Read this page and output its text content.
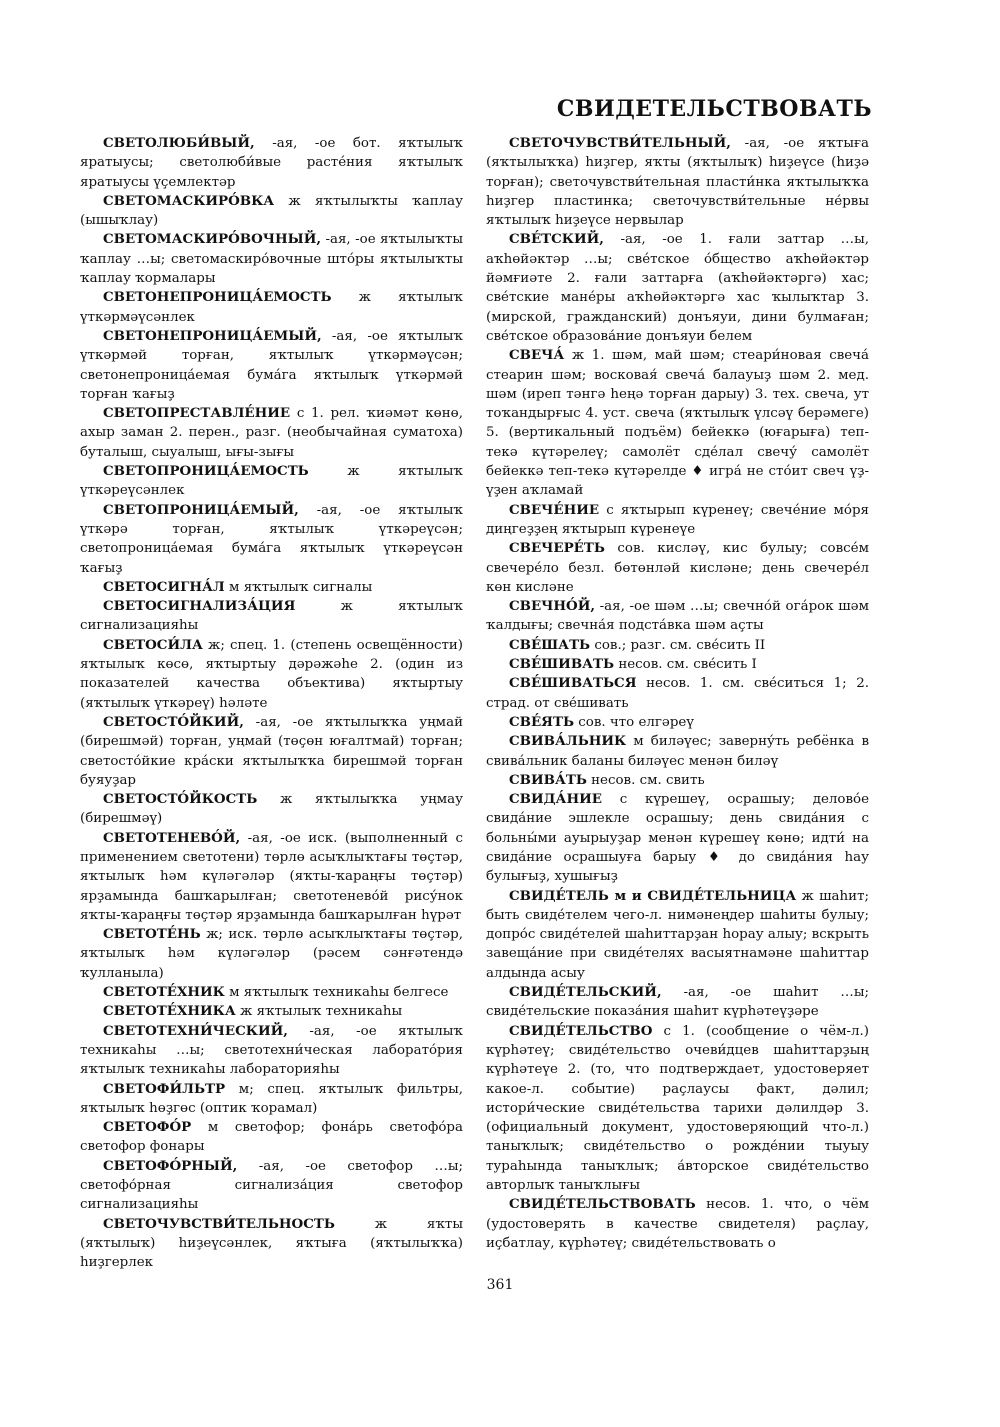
СВИДЕТЕЛЬСТВОВАТЬ

СВЕТОЛЮБИ́ВЫЙ, -ая, -ое бот. яҡтылыҡ яратыусы; светолюби́вые расте́ния яҡтылыҡ яратыусы үҫемлектәр

СВЕТОМАСКИРО́ВКА ж яҡтылыҡты ҡаплау (ышыҡлау)

СВЕТОМАСКИРО́ВОЧНЫЙ, -ая, -ое яҡтылыҡты ҡаплау …ы; светомаскиро́вочные што́ры яҡтылыҡты ҡаплау ҡормалары

СВЕТОНЕПРОНИЦА́ЕМОСТЬ ж яҡтылыҡ үткәрмәүсәнлек

СВЕТОНЕПРОНИЦА́ЕМЫЙ, -ая, -ое яҡтылыҡ үткәрмәй торған, яҡтылыҡ үткәрмәүсән; светонепроница́емая бума́га яҡтылыҡ үткәрмәй торған ҡағыҙ

СВЕТОПРЕСТАВЛЕ́НИЕ с 1. рел. ҡиәмәт көнө, ахыр заман 2. перен., разг. (необычайная суматоха) буталыш, сыуалыш, ығы-зығы

СВЕТОПРОНИЦА́ЕМОСТЬ ж яҡтылыҡ үткәреүсәнлек

СВЕТОПРОНИЦА́ЕМЫЙ, -ая, -ое яҡтылыҡ үткәрә торған, яҡтылыҡ үткәреүсән; светопроница́емая бума́га яҡтылыҡ үткәреүсән ҡағыҙ

СВЕТОСИГНА́Л м яҡтылыҡ сигналы

СВЕТОСИГНАЛИЗА́ЦИЯ ж яҡтылыҡ сигнализацияһы

СВЕТОСИ́ЛА ж; спец. 1. (степень освещённости) яҡтылыҡ көсө, яҡтыртыу дәрәжәһе 2. (один из показателей качества объектива) яҡтыртыу (яҡтылыҡ үткәреү) һәләте

СВЕТОСТО́ЙКИЙ, -ая, -ое яҡтылыҡҡа уңмай (бирешмәй) торған, уңмай (төҫөн юғалтмай) торған; светосто́йкие кра́ски яҡтылыҡҡа бирешмәй торған буяуҙар

СВЕТОСТО́ЙКОСТЬ ж яҡтылыҡҡа уңмау (бирешмәү)

СВЕТОТЕНЕВО́Й, -ая, -ое иск. (выполненный с применением светотени) төрлө асыҡлыҡтағы төҫтәр, яҡтылыҡ һәм күләгәләр (яҡты-ҡараңғы төҫтәр) ярҙамында башҡарылған; светотенево́й рису́нок яҡты-ҡараңғы төҫтәр ярҙамында башҡарылған һүрәт

СВЕТОТЕ́НЬ ж; иск. төрлө асыҡлыҡтағы төҫтәр, яҡтылыҡ һәм күләгәләр (рәсем сәнғәтендә ҡулланыла)

СВЕТОТЕ́ХНИК м яҡтылыҡ техникаһы белгесе

СВЕТОТЕ́ХНИКА ж яҡтылыҡ техникаһы

СВЕТОТЕХНИ́ЧЕСКИЙ, -ая, -ое яҡтылыҡ техникаһы …ы; светотехни́ческая лаборато́рия яҡтылыҡ техникаһы лабораторияһы

СВЕТОФИ́ЛЬТР м; спец. яҡтылыҡ фильтры, яҡтылыҡ һөҙгөс (оптик ҡорамал)

СВЕТОФО́Р м светофор; фона́рь светофо́ра светофор фонары

СВЕТОФО́РНЫЙ, -ая, -ое светофор …ы; светофо́рная сигнализа́ция светофор сигнализацияһы

СВЕТОЧУВСТВИ́ТЕЛЬНОСТЬ ж яҡты (яҡтылыҡ) һиҙеүсәнлек, яҡтыға (яҡтылыҡҡа) һиҙгерлек

СВЕТОЧУВСТВИ́ТЕЛЬНЫЙ, -ая, -ое яҡтыға (яҡтылыҡҡа) һиҙгер, яҡты (яҡтылыҡ) һиҙеүсе (һиҙә торған); светочувстви́тельная пласти́нка яҡтылыҡҡа һиҙгер пластинка; светочувстви́тельные не́рвы яҡтылыҡ һиҙеүсе нервылар

СВЕ́ТСКИЙ, -ая, -ое 1. ғали заттар …ы, аҡһөйәктәр …ы; све́тское о́бщество аҡһөйәктәр йәмғиәте 2. ғали заттарға (аҡһөйәктәргә) хас; све́тские мане́ры аҡһөйәктәргә хас ҡылыҡтар 3. (мирской, гражданский) донъяуи, дини булмаған; све́тское образова́ние донъяуи белем

СВЕЧА́ ж 1. шәм, май шәм; стеари́новая свеча́ стеарин шәм; восковая́ свеча́ балауыҙ шәм 2. мед. шәм (иреп тәнгә һеңә торған дарыу) 3. тех. свеча, ут тоҡандырғыс 4. уст. свеча (яҡтылыҡ үлсәү берәмеге) 5. (вертикальный подъём) бейеккә (юғарыға) теп-текә күтәрелеү; самолёт сде́лал свечу́ самолёт бейеккә теп-текә күтәрелде ♦ игра́ не сто́ит свеч үҙ-үҙен аҡламай

СВЕЧЕ́НИЕ с яҡтырып күренеү; свече́ние мо́ря диңгеҙҙең яҡтырып күренеүе

СВЕЧЕРЕ́ТЬ сов. кисләү, кис булыу; совсе́м свечере́ло безл. бөтөнләй кисләне; день свечере́л көн кисләне

СВЕЧНО́Й, -ая, -ое шәм …ы; свечно́й ога́рок шәм ҡалдығы; свечна́я подста́вка шәм аҫты

СВЕ́ШАТЬ сов.; разг. см. све́сить II

СВЕ́ШИВАТЬ несов. см. све́сить I

СВЕ́ШИВАТЬСЯ несов. 1. см. све́ситься 1; 2. страд. от све́шивать

СВЕ́ЯТЬ сов. что елгәреү

СВИВА́ЛЬНИК м биләүес; заверну́ть ребёнка в свива́льник баланы биләүес менән биләү

СВИВА́ТЬ несов. см. свить

СВИДА́НИЕ с күрешеү, осрашыу; делово́е свида́ние эшлекле осрашыу; день свида́ния с больны́ми ауырыуҙар менән күрешеү көнө; идти́ на свида́ние осрашыуға барыу ♦ до свида́ния һау булығыҙ, хушығыҙ

СВИДЕ́ТЕЛЬ м и СВИДЕ́ТЕЛЬНИЦА ж шаһит; быть свиде́телем чего-л. нимәнеңдер шаһиты булыу; допро́с свиде́телей шаһиттарҙан һорау алыу; вскрыть завеща́ние при свиде́телях васыятнамәне шаһиттар алдында асыу

СВИДЕ́ТЕЛЬСКИЙ, -ая, -ое шаһит …ы; свиде́тельские показа́ния шаһит күрһәтеүҙәре

СВИДЕ́ТЕЛЬСТВО с 1. (сообщение о чём-л.) күрһәтеү; свиде́тельство очеви́дцев шаһиттарҙың күрһәтеүе 2. (то, что подтверждает, удостоверяет какое-л. событие) раҫлаусы факт, дәлил; истори́ческие свиде́тельства тарихи дәлилдәр 3. (официальный документ, удостоверяющий что-л.) таныҡлыҡ; свиде́тельство о рожде́нии тыуыу тураһында таныҡлыҡ; а́вторское свиде́тельство авторлыҡ таныҡлығы

СВИДЕ́ТЕЛЬСТВОВАТЬ несов. 1. что, о чём (удостоверять в качестве свидетеля) раҫлау, иҫбатлау, күрһәтеү; свиде́тельствовать о

361
